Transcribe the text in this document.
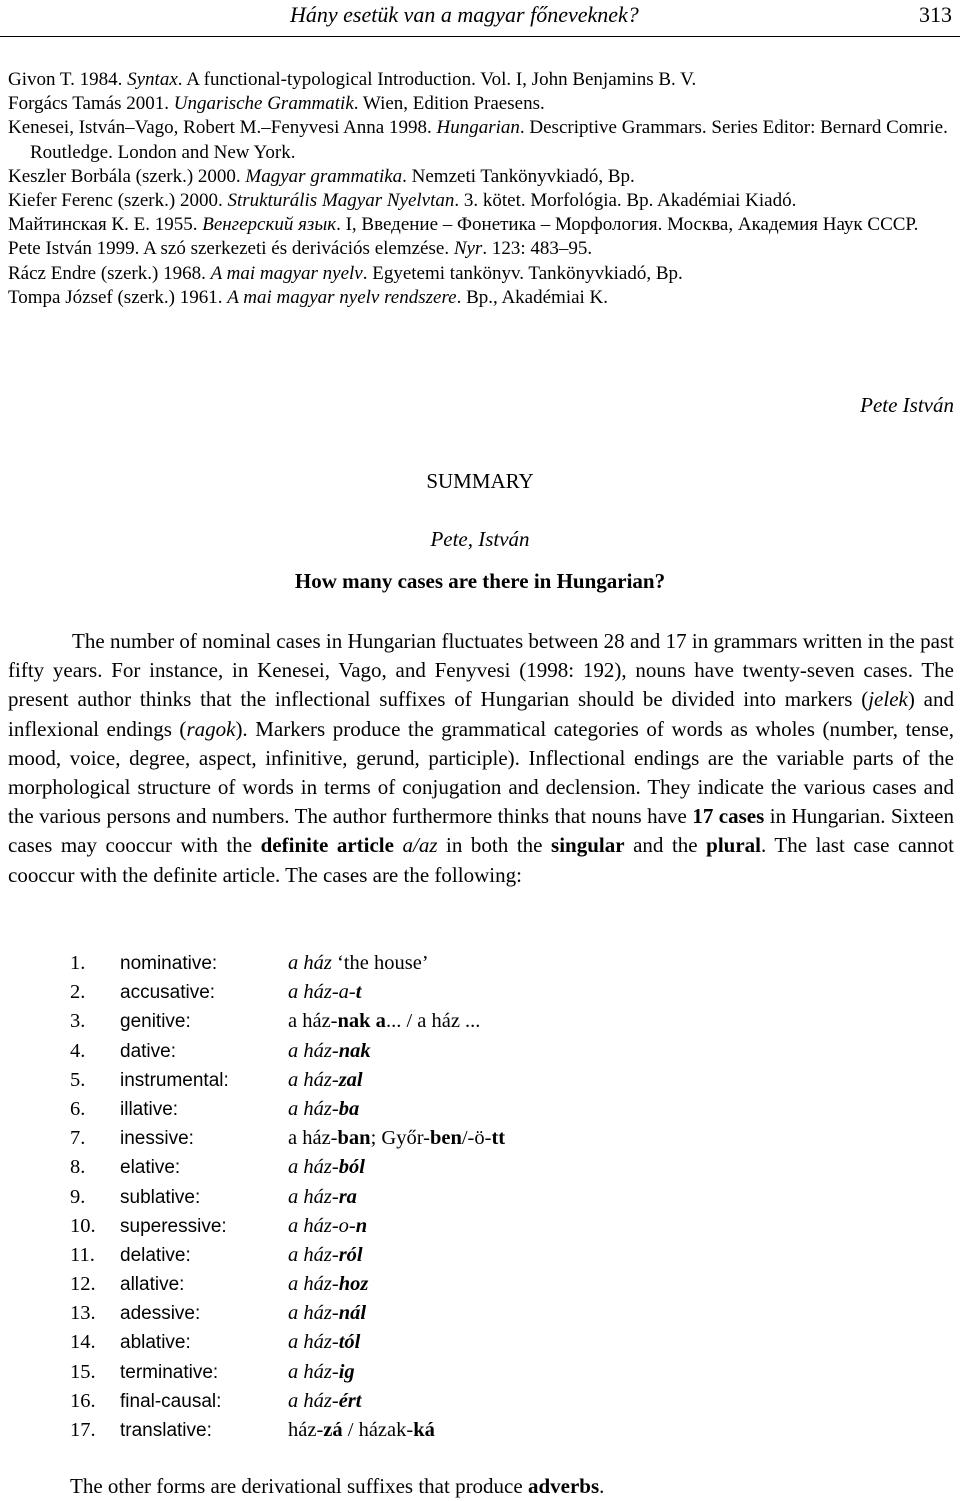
Hány esetük van a magyar főneveknek?	313

Givon T. 1984. Syntax. A functional-typological Introduction. Vol. I, John Benjamins B. V.

Forgács Tamás 2001. Ungarische Grammatik. Wien, Edition Praesens.

Kenesei, István–Vago, Robert M.–Fenyvesi Anna 1998. Hungarian. Descriptive Grammars. Series Editor: Bernard Comrie. Routledge. London and New York.

Keszler Borbála (szerk.) 2000. Magyar grammatika. Nemzeti Tankönyvkiadó, Bp.

Kiefer Ferenc (szerk.) 2000. Strukturális Magyar Nyelvtan. 3. kötet. Morfológia. Bp. Akadémiai Kiadó.

Майтинская К. Е. 1955. Венгерский язык. I, Введение – Фонетика – Морфология. Москва, Академия Наук СССР.

Pete István 1999. A szó szerkezeti és derivációs elemzése. Nyr. 123: 483–95.

Rácz Endre (szerk.) 1968. A mai magyar nyelv. Egyetemi tankönyv. Tankönyvkiadó, Bp.

Tompa József (szerk.) 1961. A mai magyar nyelv rendszere. Bp., Akadémiai K.

Pete István
SUMMARY
Pete, István
How many cases are there in Hungarian?

The number of nominal cases in Hungarian fluctuates between 28 and 17 in grammars written in the past fifty years. For instance, in Kenesei, Vago, and Fenyvesi (1998: 192), nouns have twenty-seven cases. The present author thinks that the inflectional suffixes of Hungarian should be divided into markers (jelek) and inflexional endings (ragok). Markers produce the grammatical categories of words as wholes (number, tense, mood, voice, degree, aspect, infinitive, gerund, participle). Inflectional endings are the variable parts of the morphological structure of words in terms of conjugation and declension. They indicate the various cases and the various persons and numbers. The author furthermore thinks that nouns have 17 cases in Hungarian. Sixteen cases may cooccur with the definite article a/az in both the singular and the plural. The last case cannot cooccur with the definite article. The cases are the following:

1.	nominative:	a ház ‘the house’
2.	accusative:	a ház-a-t
3.	genitive:	a ház-nak a... / a ház ...
4.	dative:	a ház-nak
5.	instrumental:	a ház-zal
6.	illative:	a ház-ba
7.	inessive:	a ház-ban; Győr-ben/-ö-tt
8.	elative:	a ház-ból
9.	sublative:	a ház-ra
10.	superessive:	a ház-o-n
11.	delative:	a ház-ról
12.	allative:	a ház-hoz
13.	adessive:	a ház-nál
14.	ablative:	a ház-tól
15.	terminative:	a ház-ig
16.	final-causal:	a ház-ért
17.	translative:	ház-zá / házak-ká
The other forms are derivational suffixes that produce adverbs.
